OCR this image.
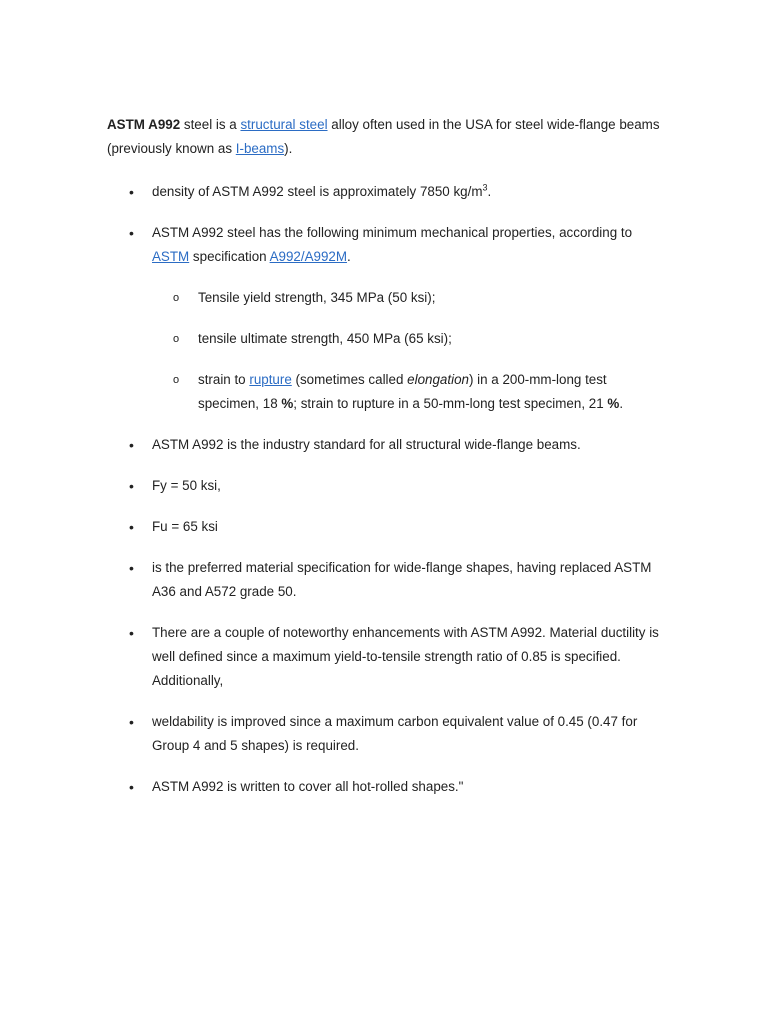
ASTM A992 steel is a structural steel alloy often used in the USA for steel wide-flange beams (previously known as I-beams).

• density of ASTM A992 steel is approximately 7850 $kg/m^3$.
• ASTM A992 steel has the following minimum mechanical properties, according to ASTM specification A992/A992M.
o Tensile yield strength, 345 MPa (50 ksi);
o tensile ultimate strength, 450 MPa (65 ksi);
o strain to rupture (sometimes called elongation) in a 200-mm-long test specimen, 18 %; strain to rupture in a 50-mm-long test specimen, 21 %.
• ASTM A992 is the industry standard for all structural wide-flange beams.
• Fy = 50 ksi,
• Fu = 65 ksi
• is the preferred material specification for wide-flange shapes, having replaced ASTM A36 and A572 grade 50.
• There are a couple of noteworthy enhancements with ASTM A992. Material ductility is well defined since a maximum yield-to-tensile strength ratio of 0.85 is specified. Additionally,
• weldability is improved since a maximum carbon equivalent value of 0.45 (0.47 for Group 4 and 5 shapes) is required.
• ASTM A992 is written to cover all hot-rolled shapes."
